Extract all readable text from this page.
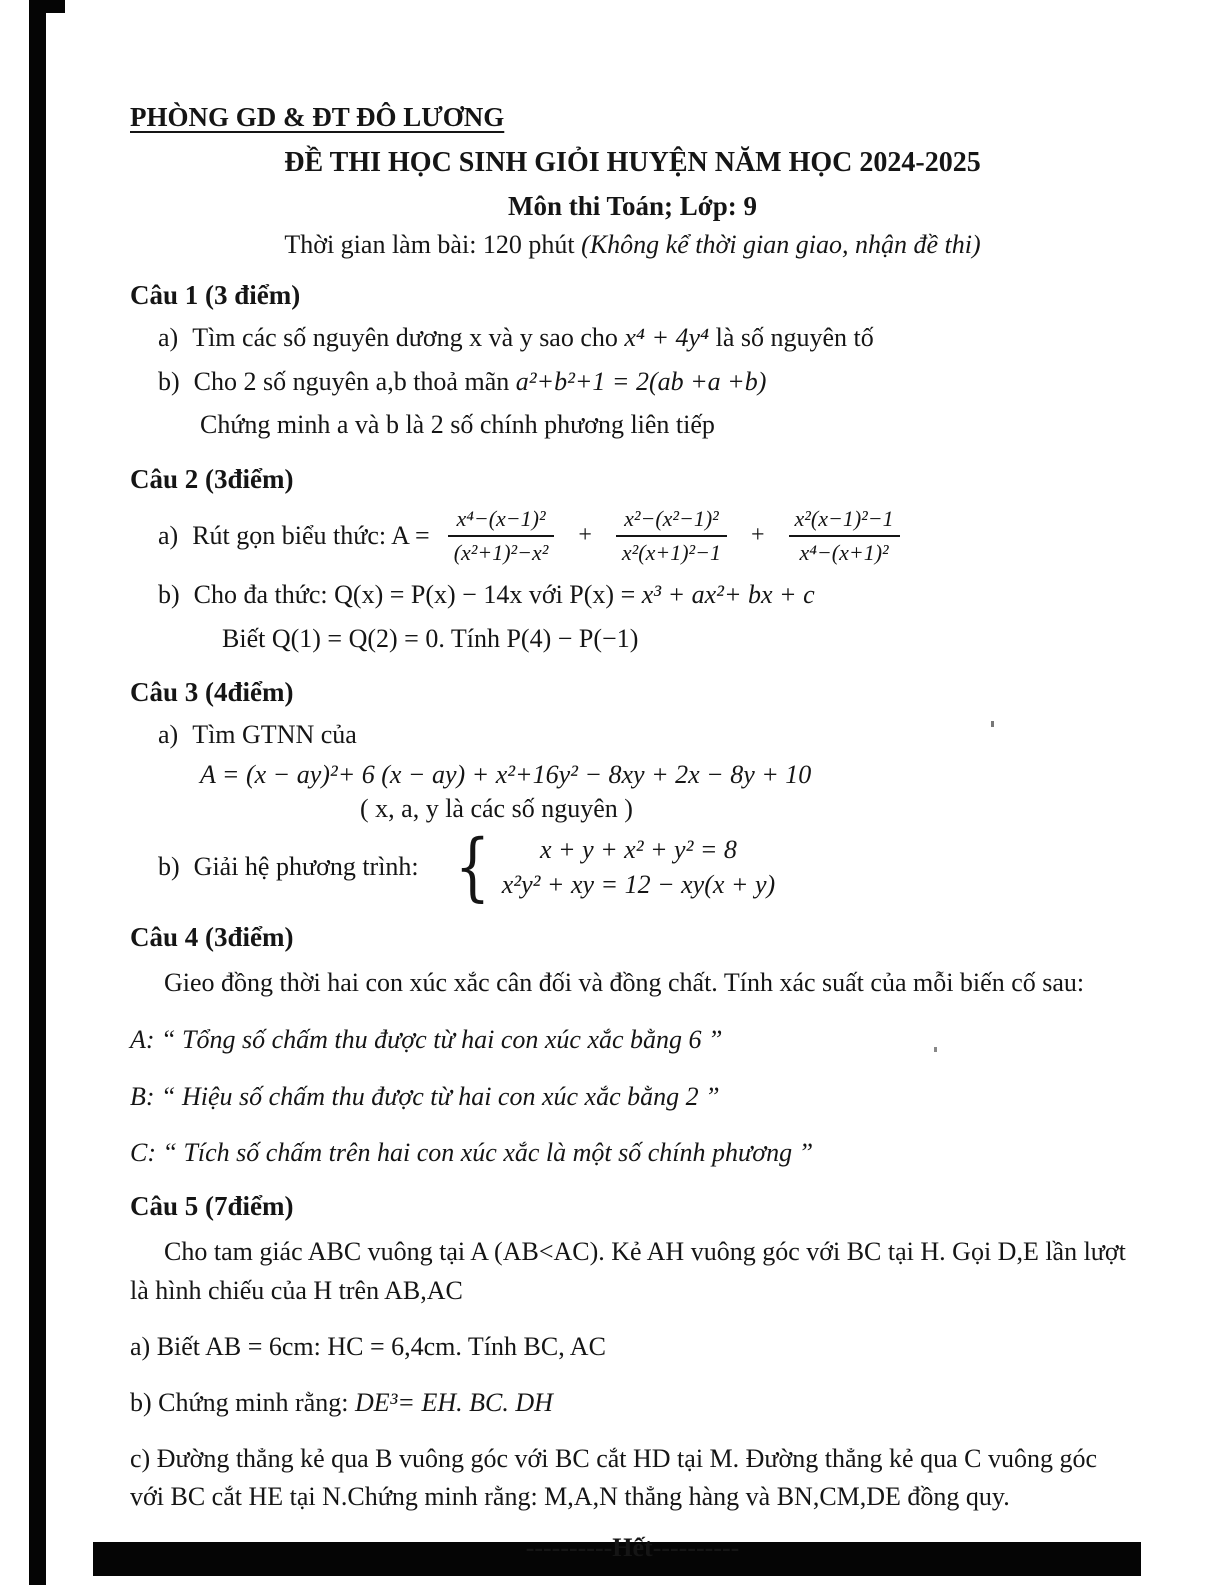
PHÒNG GD & ĐT ĐÔ LƯƠNG
ĐỀ THI HỌC SINH GIỎI HUYỆN NĂM HỌC 2024-2025
Môn thi Toán; Lớp: 9

Thời gian làm bài: 120 phút (Không kể thời gian giao, nhận đề thi)

Câu 1 (3 điểm)
a) Tìm các số nguyên dương x và y sao cho x⁴ + 4y⁴ là số nguyên tố
b) Cho 2 số nguyên a,b thoả mãn a²+b²+1 = 2(ab +a +b)
Chứng minh a và b là 2 số chính phương liên tiếp
Câu 2 (3điểm)
a) Rút gọn biểu thức: $A = \frac{\text{x⁴−(x−1)²}}{\text{(x²+1)²−x²}} + \frac{\text{x²−(x²−1)²}}{\text{x²(x+1)²−1}} + \frac{\text{x²(x−1)²−1}}{\text{x⁴−(x+1)²}}$
b) Cho đa thức: Q(x) = P(x) − 14x với P(x) = x³ + ax²+ bx + c
Biết Q(1) = Q(2) = 0. Tính P(4) − P(−1)
Câu 3 (4điểm)
a) Tìm GTNN của
A = (x − ay)²+ 6 (x − ay) + x²+16y² − 8xy + 2x − 8y + 10
( x, a, y là các số nguyên )
b) Giải hệ phương trình: {	x + y + x² + y² = 8
x²y² + xy = 12 − xy(x + y)
Câu 4 (3điểm)

Gieo đồng thời hai con xúc xắc cân đối và đồng chất. Tính xác suất của mỗi biến cố sau:

A: “ Tổng số chấm thu được từ hai con xúc xắc bằng 6 ”

B: “ Hiệu số chấm thu được từ hai con xúc xắc bằng 2 ”

C: “ Tích số chấm trên hai con xúc xắc là một số chính phương ”

Câu 5 (7điểm)

Cho tam giác ABC vuông tại A (AB<AC). Kẻ AH vuông góc với BC tại H. Gọi D,E lần lượt là hình chiếu của H trên AB,AC

a) Biết AB = 6cm: HC = 6,4cm. Tính BC, AC

b) Chứng minh rằng: DE³= EH. BC. DH

c) Đường thẳng kẻ qua B vuông góc với BC cắt HD tại M. Đường thẳng kẻ qua C vuông góc với BC cắt HE tại N.Chứng minh rằng: M,A,N thẳng hàng và BN,CM,DE đồng quy.

----------Hết----------
